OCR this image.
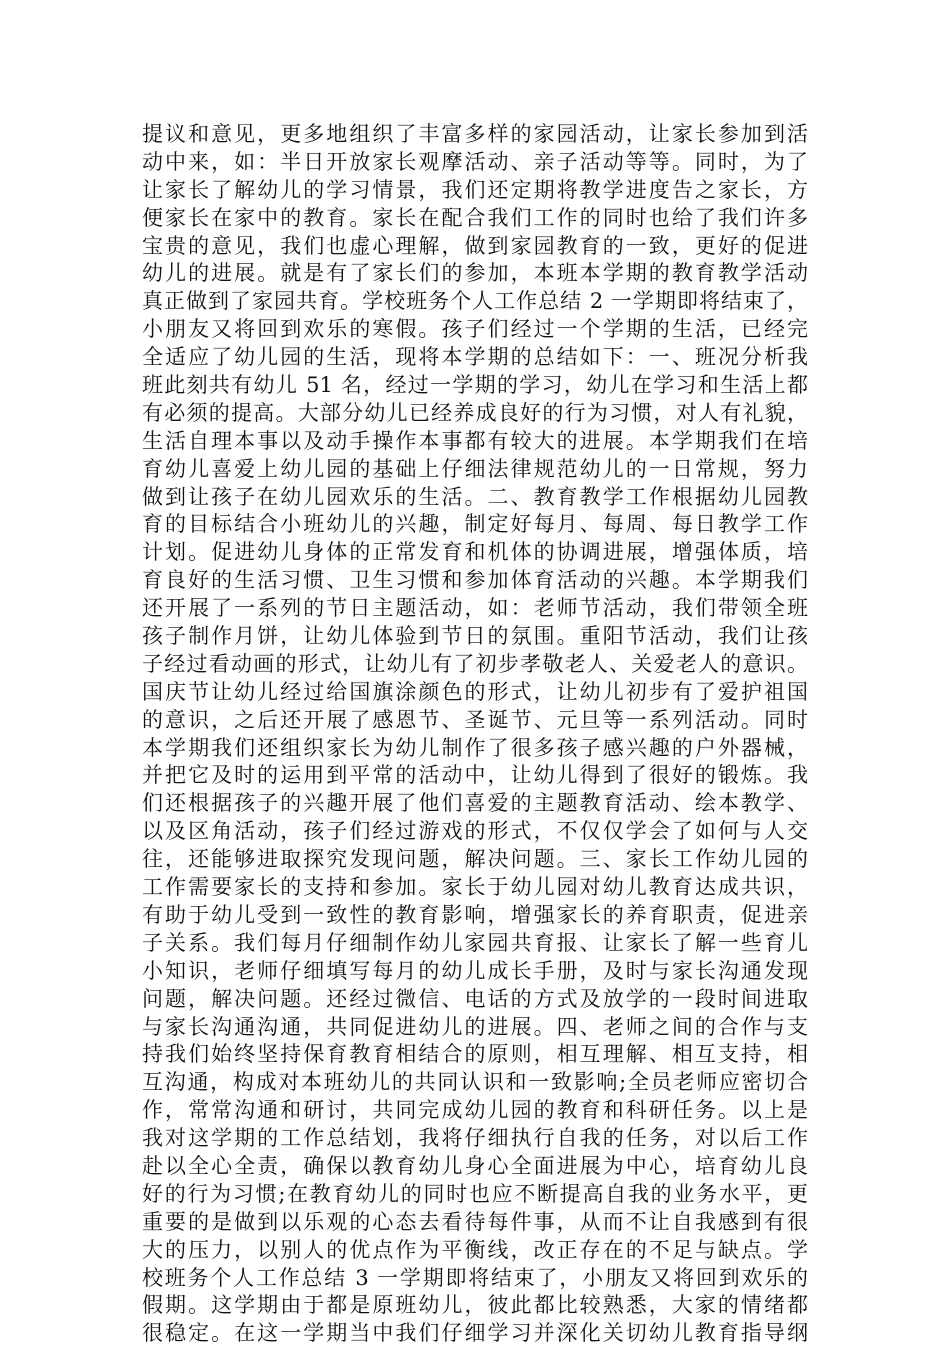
提议和意见，更多地组织了丰富多样的家园活动，让家长参加到活
动中来，如：半日开放家长观摩活动、亲子活动等等。同时，为了
让家长了解幼儿的学习情景，我们还定期将教学进度告之家长，方
便家长在家中的教育。家长在配合我们工作的同时也给了我们许多
宝贵的意见，我们也虚心理解，做到家园教育的一致，更好的促进
幼儿的进展。就是有了家长们的参加，本班本学期的教育教学活动
真正做到了家园共育。学校班务个人工作总结 2 一学期即将结束了，
小朋友又将回到欢乐的寒假。孩子们经过一个学期的生活，已经完
全适应了幼儿园的生活，现将本学期的总结如下：一、班况分析我
班此刻共有幼儿 51 名，经过一学期的学习，幼儿在学习和生活上都
有必须的提高。大部分幼儿已经养成良好的行为习惯，对人有礼貌，
生活自理本事以及动手操作本事都有较大的进展。本学期我们在培
育幼儿喜爱上幼儿园的基础上仔细法律规范幼儿的一日常规，努力
做到让孩子在幼儿园欢乐的生活。二、教育教学工作根据幼儿园教
育的目标结合小班幼儿的兴趣，制定好每月、每周、每日教学工作
计划。促进幼儿身体的正常发育和机体的协调进展，增强体质，培
育良好的生活习惯、卫生习惯和参加体育活动的兴趣。本学期我们
还开展了一系列的节日主题活动，如：老师节活动，我们带领全班
孩子制作月饼，让幼儿体验到节日的氛围。重阳节活动，我们让孩
子经过看动画的形式，让幼儿有了初步孝敬老人、关爱老人的意识。
国庆节让幼儿经过给国旗涂颜色的形式，让幼儿初步有了爱护祖国
的意识，之后还开展了感恩节、圣诞节、元旦等一系列活动。同时
本学期我们还组织家长为幼儿制作了很多孩子感兴趣的户外器械，
并把它及时的运用到平常的活动中，让幼儿得到了很好的锻炼。我
们还根据孩子的兴趣开展了他们喜爱的主题教育活动、绘本教学、
以及区角活动，孩子们经过游戏的形式，不仅仅学会了如何与人交
往，还能够进取探究发现问题，解决问题。三、家长工作幼儿园的
工作需要家长的支持和参加。家长于幼儿园对幼儿教育达成共识，
有助于幼儿受到一致性的教育影响，增强家长的养育职责，促进亲
子关系。我们每月仔细制作幼儿家园共育报、让家长了解一些育儿
小知识，老师仔细填写每月的幼儿成长手册，及时与家长沟通发现
问题，解决问题。还经过微信、电话的方式及放学的一段时间进取
与家长沟通沟通，共同促进幼儿的进展。四、老师之间的合作与支
持我们始终坚持保育教育相结合的原则，相互理解、相互支持，相
互沟通，构成对本班幼儿的共同认识和一致影响;全员老师应密切合
作，常常沟通和研讨，共同完成幼儿园的教育和科研任务。以上是
我对这学期的工作总结划，我将仔细执行自我的任务，对以后工作
赴以全心全责，确保以教育幼儿身心全面进展为中心，培育幼儿良
好的行为习惯;在教育幼儿的同时也应不断提高自我的业务水平，更
重要的是做到以乐观的心态去看待每件事，从而不让自我感到有很
大的压力，以别人的优点作为平衡线，改正存在的不足与缺点。学
校班务个人工作总结 3 一学期即将结束了，小朋友又将回到欢乐的
假期。这学期由于都是原班幼儿，彼此都比较熟悉，大家的情绪都
很稳定。在这一学期当中我们仔细学习并深化关切幼儿教育指导纲
